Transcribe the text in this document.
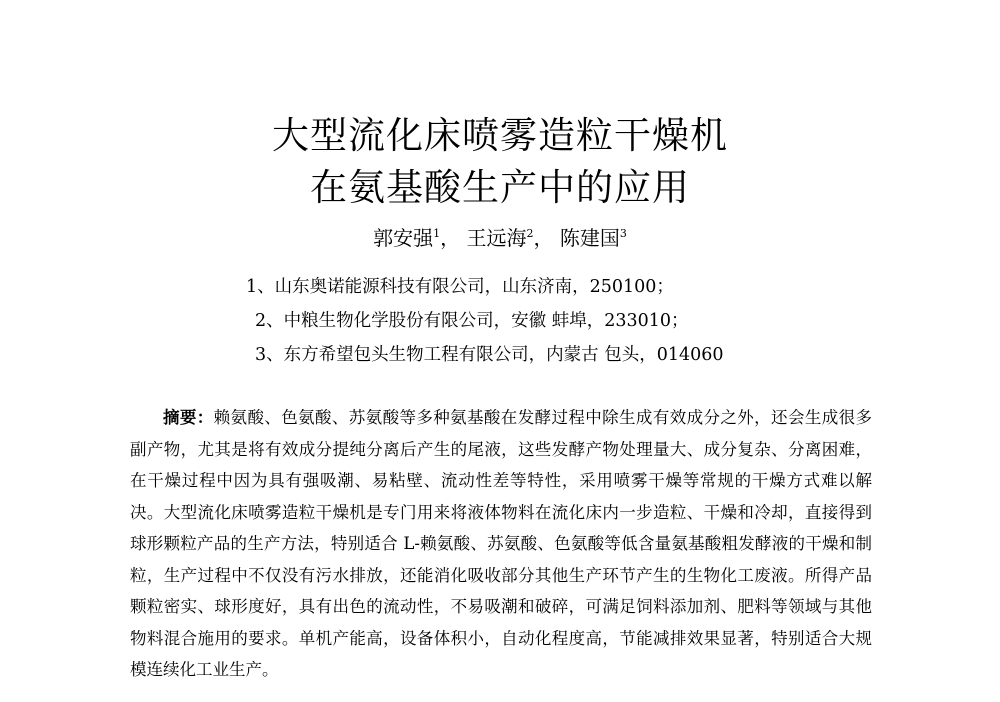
大型流化床喷雾造粒干燥机
在氨基酸生产中的应用
郭安强$^1$， 王远海$^2$， 陈建国$^3$
1、山东奥诺能源科技有限公司，山东济南，250100；
2、中粮生物化学股份有限公司，安徽 蚌埠，233010；
3、东方希望包头生物工程有限公司，内蒙古 包头，014060

摘要：赖氨酸、色氨酸、苏氨酸等多种氨基酸在发酵过程中除生成有效成分之外，还会生成很多副产物，尤其是将有效成分提纯分离后产生的尾液，这些发酵产物处理量大、成分复杂、分离困难，在干燥过程中因为具有强吸潮、易粘壁、流动性差等特性，采用喷雾干燥等常规的干燥方式难以解决。大型流化床喷雾造粒干燥机是专门用来将液体物料在流化床内一步造粒、干燥和冷却，直接得到球形颗粒产品的生产方法，特别适合 L-赖氨酸、苏氨酸、色氨酸等低含量氨基酸粗发酵液的干燥和制粒，生产过程中不仅没有污水排放，还能消化吸收部分其他生产环节产生的生物化工废液。所得产品颗粒密实、球形度好，具有出色的流动性，不易吸潮和破碎，可满足饲料添加剂、肥料等领域与其他物料混合施用的要求。单机产能高，设备体积小，自动化程度高，节能减排效果显著，特别适合大规模连续化工业生产。
